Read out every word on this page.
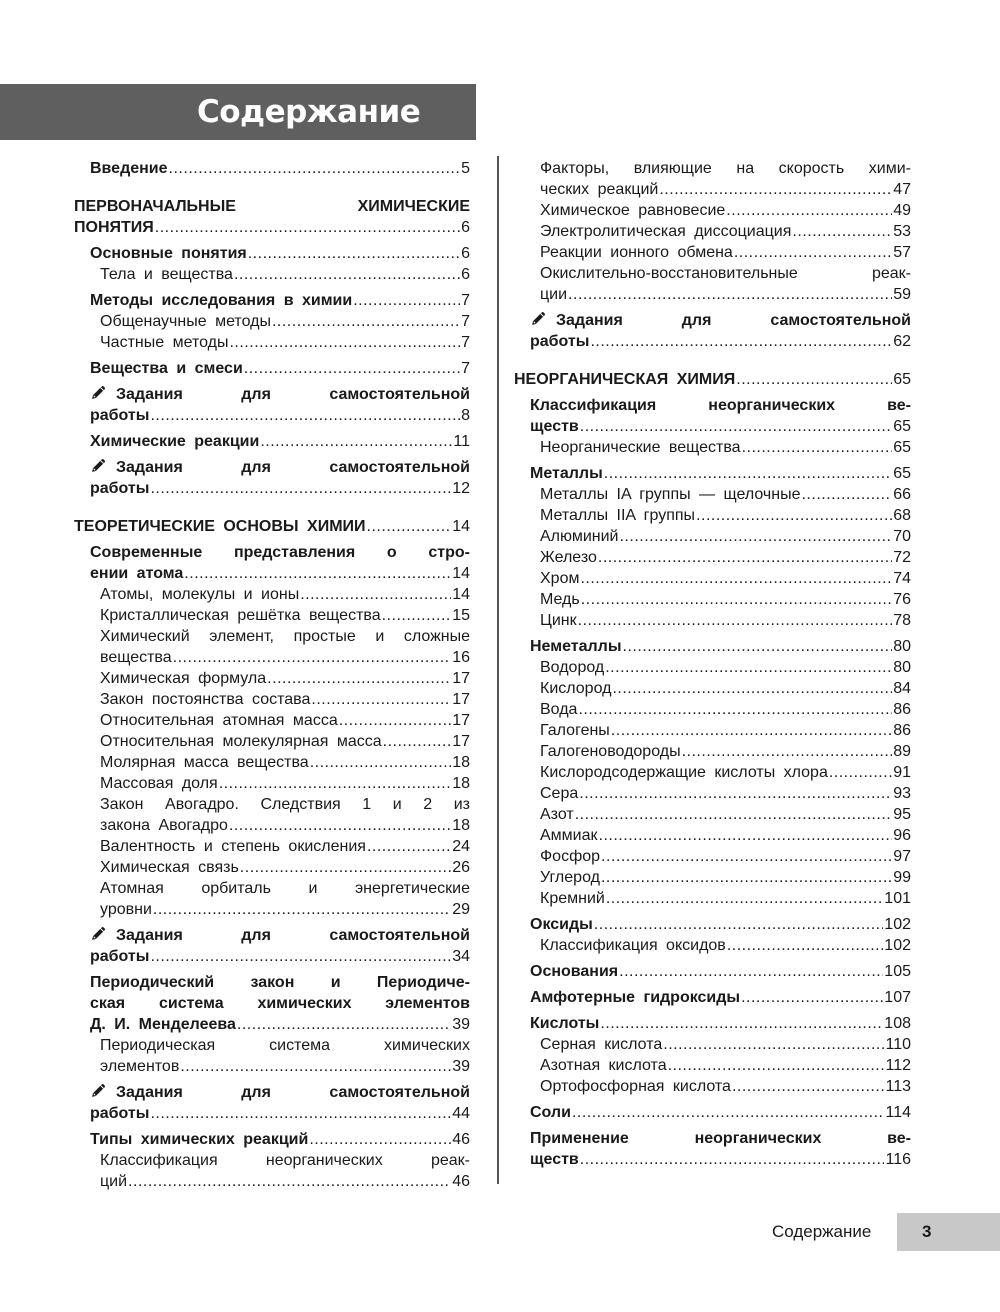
Содержание
Введение .....	5
ПЕРВОНАЧАЛЬНЫЕ ХИМИЧЕСКИЕ
ПОНЯТИЯ .....	6
Основные понятия .....	6
Тела и вещества .....	6
Методы исследования в химии .....	7
Общенаучные методы .....	7
Частные методы .....	7
Вещества и смеси .....	7
Задания для самостоятельной
работы .....	8
Химические реакции .....	11
Задания для самостоятельной
работы .....	12
ТЕОРЕТИЧЕСКИЕ ОСНОВЫ ХИМИИ .....	14
Современные представления о стро-
ении атома .....	14
Атомы, молекулы и ионы .....	14
Кристаллическая решётка вещества .....	15
Химический элемент, простые и сложные
вещества .....	16
Химическая формула .....	17
Закон постоянства состава .....	17
Относительная атомная масса .....	17
Относительная молекулярная масса .....	17
Молярная масса вещества .....	18
Массовая доля .....	18
Закон Авогадро. Следствия 1 и 2 из
закона Авогадро .....	18
Валентность и степень окисления .....	24
Химическая связь .....	26
Атомная орбиталь и энергетические
уровни .....	29
Задания для самостоятельной
работы .....	34
Периодический закон и Периодиче-
ская система химических элементов
Д. И. Менделеева .....	39
Периодическая система химических
элементов .....	39
Задания для самостоятельной
работы .....	44
Типы химических реакций .....	46
Классификация неорганических реак-
ций .....	46
Факторы, влияющие на скорость хими-
ческих реакций .....	47
Химическое равновесие .....	49
Электролитическая диссоциация .....	53
Реакции ионного обмена .....	57
Окислительно-восстановительные реак-
ции .....	59
Задания для самостоятельной
работы .....	62
НЕОРГАНИЧЕСКАЯ ХИМИЯ .....	65
Классификация неорганических ве-
ществ .....	65
Неорганические вещества .....	65
Металлы .....	65
Металлы IA группы — щелочные .....	66
Металлы IIA группы .....	68
Алюминий .....	70
Железо .....	72
Хром .....	74
Медь .....	76
Цинк .....	78
Неметаллы .....	80
Водород .....	80
Кислород .....	84
Вода .....	86
Галогены .....	86
Галогеноводороды .....	89
Кислородсодержащие кислоты хлора .....	91
Сера .....	93
Азот .....	95
Аммиак .....	96
Фосфор .....	97
Углерод .....	99
Кремний .....	101
Оксиды .....	102
Классификация оксидов .....	102
Основания .....	105
Амфотерные гидроксиды .....	107
Кислоты .....	108
Серная кислота .....	110
Азотная кислота .....	112
Ортофосфорная кислота .....	113
Соли .....	114
Применение неорганических ве-
ществ .....	116
Содержание	3
